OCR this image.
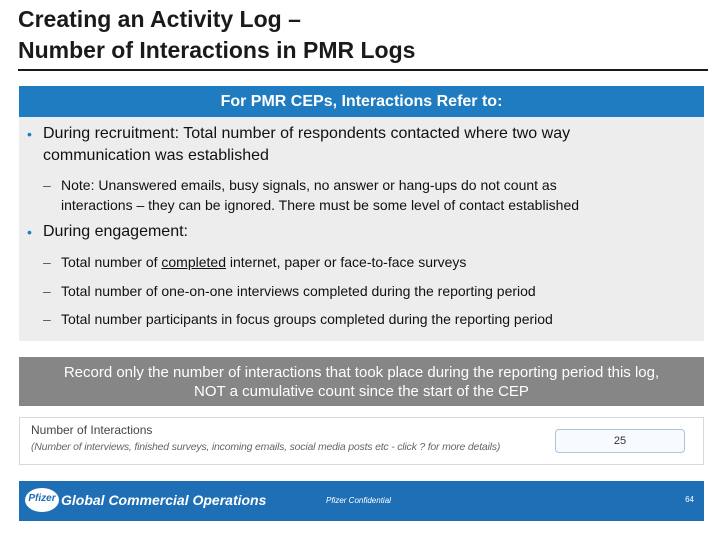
Creating an Activity Log –
Number of Interactions in PMR Logs
For PMR CEPs, Interactions Refer to:
• During recruitment: Total number of respondents contacted where two way
communication was established
– Note: Unanswered emails, busy signals, no answer or hang-ups do not count as
interactions – they can be ignored. There must be some level of contact established
• During engagement:
– Total number of completed internet, paper or face-to-face surveys
– Total number of one-on-one interviews completed during the reporting period
– Total number participants in focus groups completed during the reporting period
Record only the number of interactions that took place during the reporting period this log,
NOT a cumulative count since the start of the CEP
Number of Interactions
(Number of interviews, finished surveys, incoming emails, social media posts etc - click ? for more details)	25
Pfizer Global Commercial Operations	Pfizer Confidential	64
